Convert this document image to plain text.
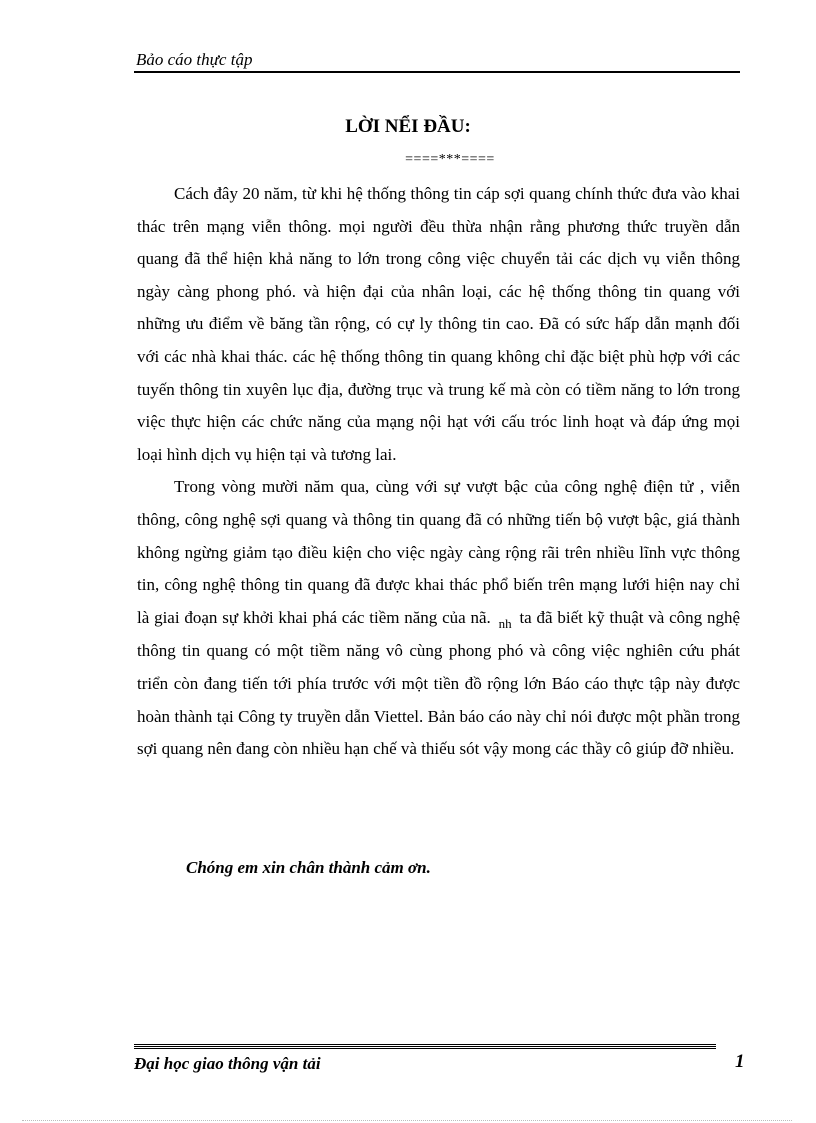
Bảo cáo thực tập
LỜI NỂI ĐẦU:
====***====

Cách đây 20 năm, từ khi hệ thống thông tin cáp sợi quang chính thức đưa vào khai thác trên mạng viễn thông. mọi người đều thừa nhận rằng phương thức truyền dẫn quang đã thể hiện khả năng to lớn trong công việc chuyển tải các dịch vụ viễn thông ngày càng phong phó. và hiện đại của nhân loại, các hệ thống thông tin quang với những ưu điểm về băng tần rộng, có cự ly thông tin cao. Đã có sức hấp dẫn mạnh đối với các nhà khai thác. các hệ thống thông tin quang không chỉ đặc biệt phù hợp với các tuyến thông tin xuyên lục địa, đường trục và trung kế mà còn có tiềm năng to lớn trong việc thực hiện các chức năng của mạng nội hạt với cấu tróc linh hoạt và đáp ứng mọi loại hình dịch vụ hiện tại và tương lai.

Trong vòng mười năm qua, cùng với sự vượt bậc của công nghệ điện tử , viễn thông, công nghệ sợi quang và thông tin quang đã có những tiến bộ vượt bậc, giá thành không ngừng giảm tạo điều kiện cho việc ngày càng rộng rãi trên nhiều lĩnh vực thông tin, công nghệ thông tin quang đã được khai thác phổ biến trên mạng lưới hiện nay chỉ là giai đoạn sự khởi khai phá các tiềm năng của nã. $_{nh}$ ta đã biết kỹ thuật và công nghệ thông tin quang có một tiềm năng vô cùng phong phó và công việc nghiên cứu phát triển còn đang tiến tới phía trước với một tiền đồ rộng lớn Báo cáo thực tập này được hoàn thành tại Công ty truyền dẫn Viettel. Bản báo cáo này chỉ nói được một phần trong sợi quang nên đang còn nhiều hạn chế và thiếu sót vậy mong các thầy cô giúp đỡ nhiều.

Chóng em xin chân thành cảm ơn.
Đại học giao thông vận tải	1
